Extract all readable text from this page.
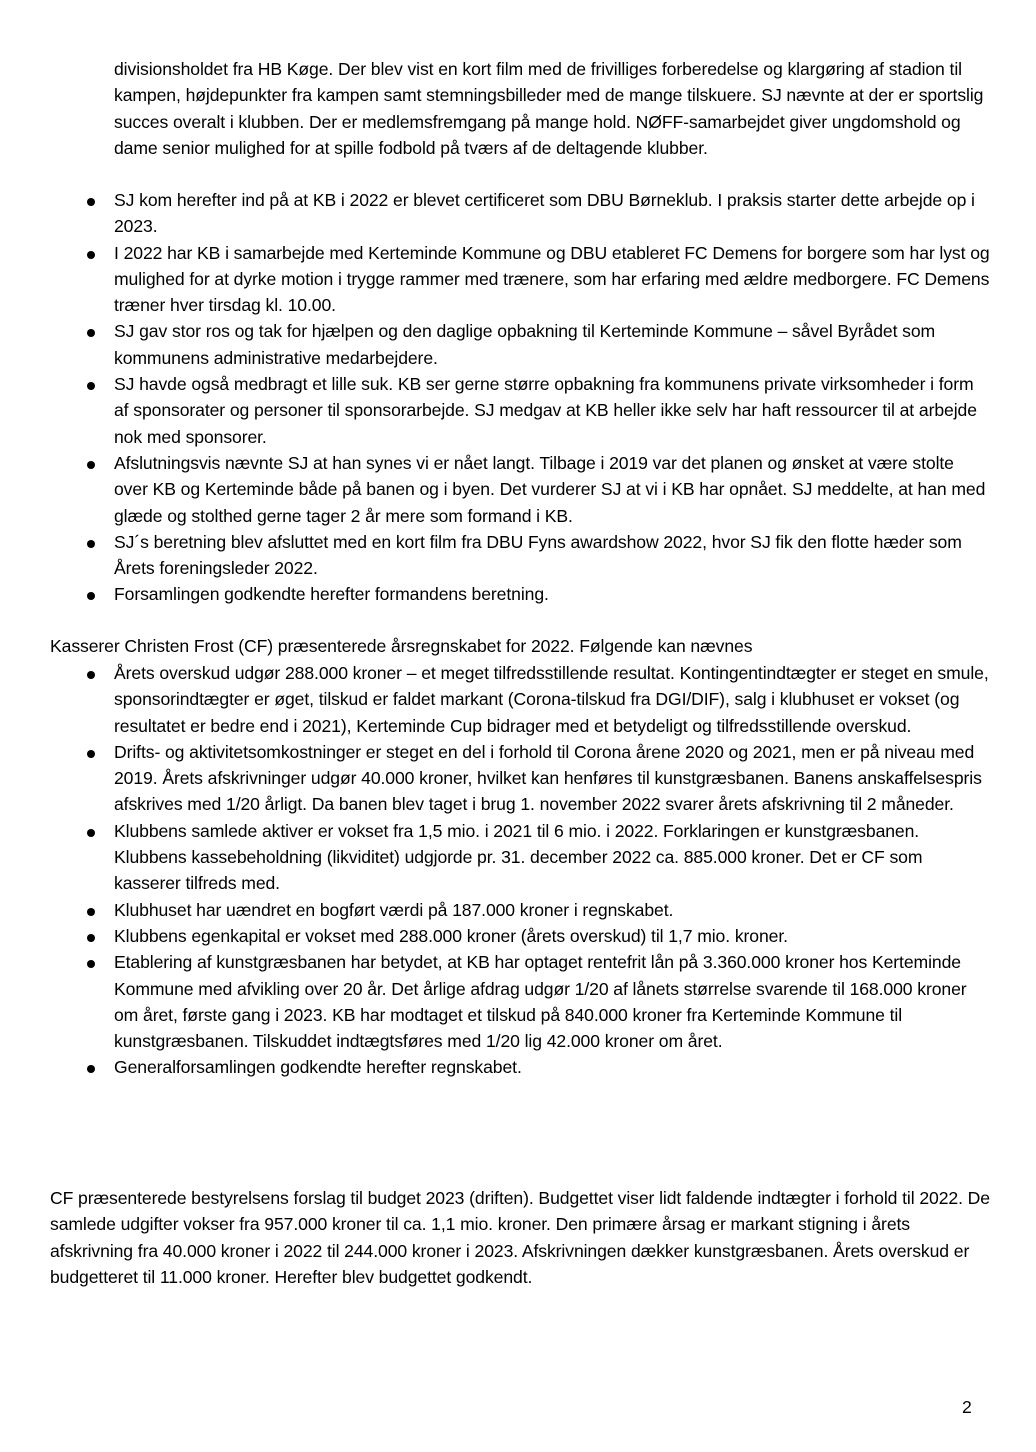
divisionsholdet fra HB Køge. Der blev vist en kort film med de frivilliges forberedelse og klargøring af stadion til kampen, højdepunkter fra kampen samt stemningsbilleder med de mange tilskuere. SJ nævnte at der er sportslig succes overalt i klubben. Der er medlemsfremgang på mange hold. NØFF-samarbejdet giver ungdomshold og dame senior mulighed for at spille fodbold på tværs af de deltagende klubber.
SJ kom herefter ind på at KB i 2022 er blevet certificeret som DBU Børneklub. I praksis starter dette arbejde op i 2023.
I 2022 har KB i samarbejde med Kerteminde Kommune og DBU etableret FC Demens for borgere som har lyst og mulighed for at dyrke motion i trygge rammer med trænere, som har erfaring med ældre medborgere. FC Demens træner hver tirsdag kl. 10.00.
SJ gav stor ros og tak for hjælpen og den daglige opbakning til Kerteminde Kommune – såvel Byrådet som kommunens administrative medarbejdere.
SJ havde også medbragt et lille suk. KB ser gerne større opbakning fra kommunens private virksomheder i form af sponsorater og personer til sponsorarbejde. SJ medgav at KB heller ikke selv har haft ressourcer til at arbejde nok med sponsorer.
Afslutningsvis nævnte SJ at han synes vi er nået langt. Tilbage i 2019 var det planen og ønsket at være stolte over KB og Kerteminde både på banen og i byen. Det vurderer SJ at vi i KB har opnået. SJ meddelte, at han med glæde og stolthed gerne tager 2 år mere som formand i KB.
SJ´s beretning blev afsluttet med en kort film fra DBU Fyns awardshow 2022, hvor SJ fik den flotte hæder som Årets foreningsleder 2022.
Forsamlingen godkendte herefter formandens beretning.
Kasserer Christen Frost (CF) præsenterede årsregnskabet for 2022. Følgende kan nævnes
Årets overskud udgør 288.000 kroner – et meget tilfredsstillende resultat. Kontingentindtægter er steget en smule, sponsorindtægter er øget, tilskud er faldet markant (Corona-tilskud fra DGI/DIF), salg i klubhuset er vokset (og resultatet er bedre end i 2021), Kerteminde Cup bidrager med et betydeligt og tilfredsstillende overskud.
Drifts- og aktivitetsomkostninger er steget en del i forhold til Corona årene 2020 og 2021, men er på niveau med 2019. Årets afskrivninger udgør 40.000 kroner, hvilket kan henføres til kunstgræsbanen. Banens anskaffelsespris afskrives med 1/20 årligt. Da banen blev taget i brug 1. november 2022 svarer årets afskrivning til 2 måneder.
Klubbens samlede aktiver er vokset fra 1,5 mio. i 2021 til 6 mio. i 2022. Forklaringen er kunstgræsbanen. Klubbens kassebeholdning (likviditet) udgjorde pr. 31. december 2022 ca. 885.000 kroner. Det er CF som kasserer tilfreds med.
Klubhuset har uændret en bogført værdi på 187.000 kroner i regnskabet.
Klubbens egenkapital er vokset med 288.000 kroner (årets overskud) til 1,7 mio. kroner.
Etablering af kunstgræsbanen har betydet, at KB har optaget rentefrit lån på 3.360.000 kroner hos Kerteminde Kommune med afvikling over 20 år. Det årlige afdrag udgør 1/20 af lånets størrelse svarende til 168.000 kroner om året, første gang i 2023. KB har modtaget et tilskud på 840.000 kroner fra Kerteminde Kommune til kunstgræsbanen. Tilskuddet indtægtsføres med 1/20 lig 42.000 kroner om året.
Generalforsamlingen godkendte herefter regnskabet.
CF præsenterede bestyrelsens forslag til budget 2023 (driften). Budgettet viser lidt faldende indtægter i forhold til 2022. De samlede udgifter vokser fra 957.000 kroner til ca. 1,1 mio. kroner. Den primære årsag er markant stigning i årets afskrivning fra 40.000 kroner i 2022 til 244.000 kroner i 2023. Afskrivningen dækker kunstgræsbanen. Årets overskud er budgetteret til 11.000 kroner. Herefter blev budgettet godkendt.
2
